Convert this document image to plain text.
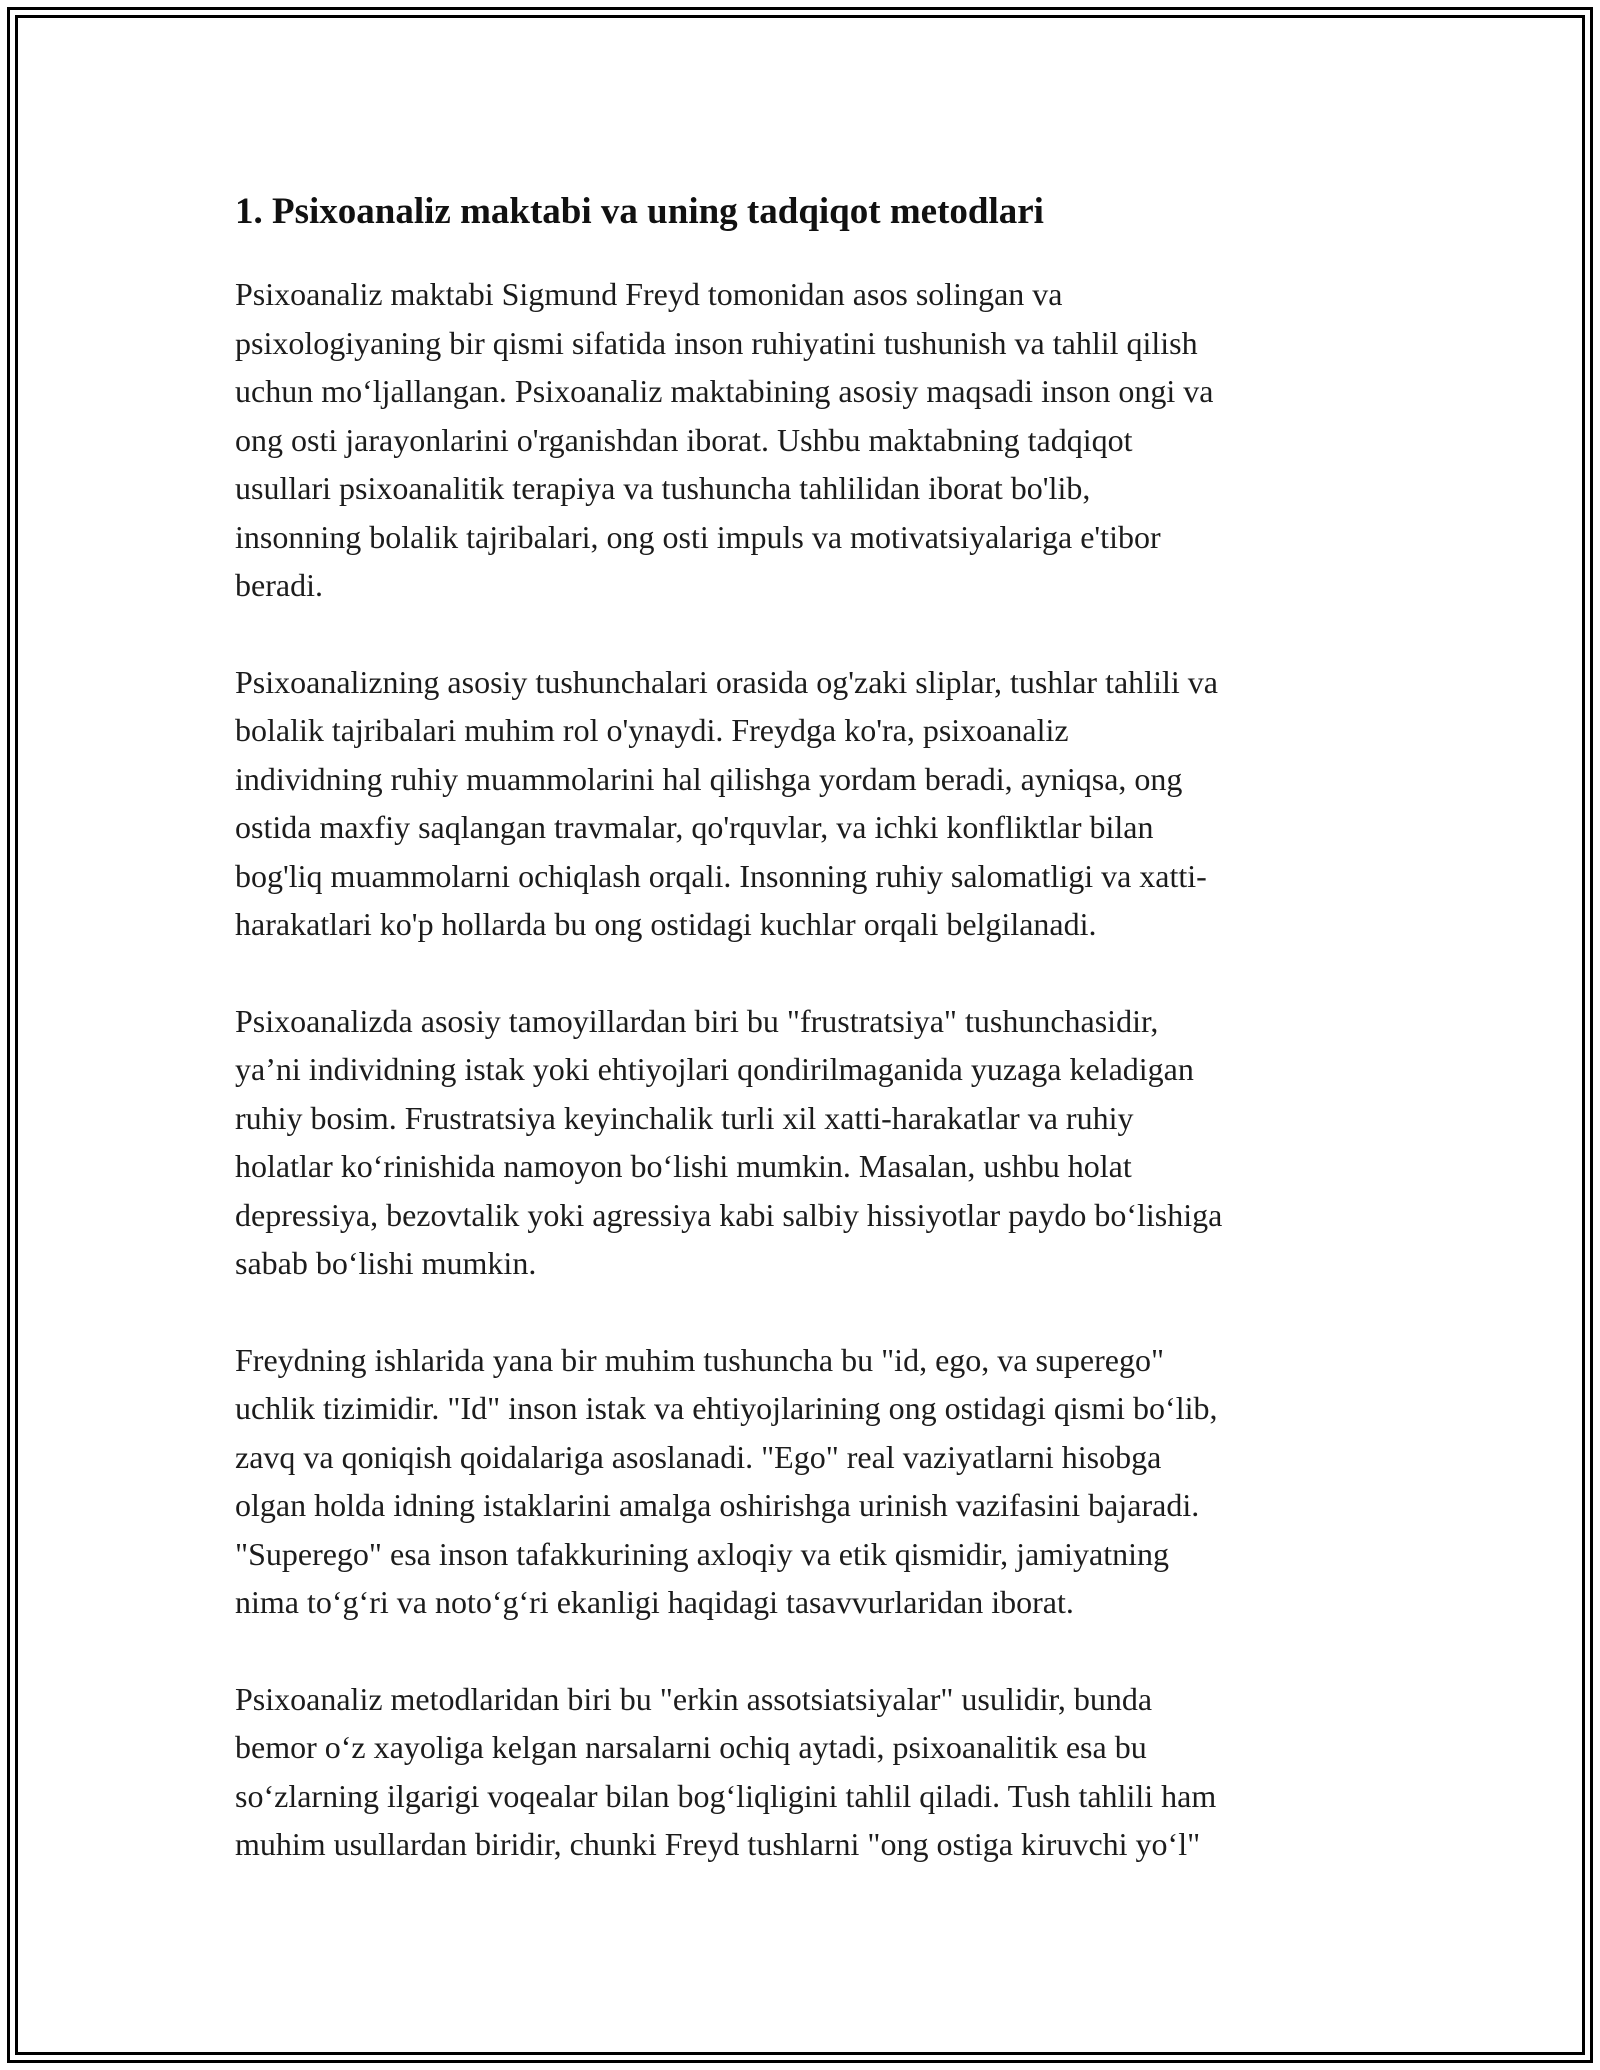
1. Psixoanaliz maktabi va uning tadqiqot metodlari

Psixoanaliz maktabi Sigmund Freyd tomonidan asos solingan va
psixologiyaning bir qismi sifatida inson ruhiyatini tushunish va tahlil qilish
uchun moʻljallangan. Psixoanaliz maktabining asosiy maqsadi inson ongi va
ong osti jarayonlarini o'rganishdan iborat. Ushbu maktabning tadqiqot
usullari psixoanalitik terapiya va tushuncha tahlilidan iborat bo'lib,
insonning bolalik tajribalari, ong osti impuls va motivatsiyalariga e'tibor
beradi.

Psixoanalizning asosiy tushunchalari orasida og'zaki sliplar, tushlar tahlili va
bolalik tajribalari muhim rol o'ynaydi. Freydga ko'ra, psixoanaliz
individning ruhiy muammolarini hal qilishga yordam beradi, ayniqsa, ong
ostida maxfiy saqlangan travmalar, qo'rquvlar, va ichki konfliktlar bilan
bog'liq muammolarni ochiqlash orqali. Insonning ruhiy salomatligi va xatti-
harakatlari ko'p hollarda bu ong ostidagi kuchlar orqali belgilanadi.

Psixoanalizda asosiy tamoyillardan biri bu "frustratsiya" tushunchasidir,
ya’ni individning istak yoki ehtiyojlari qondirilmaganida yuzaga keladigan
ruhiy bosim. Frustratsiya keyinchalik turli xil xatti-harakatlar va ruhiy
holatlar koʻrinishida namoyon boʻlishi mumkin. Masalan, ushbu holat
depressiya, bezovtalik yoki agressiya kabi salbiy hissiyotlar paydo boʻlishiga
sabab boʻlishi mumkin.

Freydning ishlarida yana bir muhim tushuncha bu "id, ego, va superego"
uchlik tizimidir. "Id" inson istak va ehtiyojlarining ong ostidagi qismi boʻlib,
zavq va qoniqish qoidalariga asoslanadi. "Ego" real vaziyatlarni hisobga
olgan holda idning istaklarini amalga oshirishga urinish vazifasini bajaradi.
"Superego" esa inson tafakkurining axloqiy va etik qismidir, jamiyatning
nima toʻgʻri va notoʻgʻri ekanligi haqidagi tasavvurlaridan iborat.

Psixoanaliz metodlaridan biri bu "erkin assotsiatsiyalar" usulidir, bunda
bemor oʻz xayoliga kelgan narsalarni ochiq aytadi, psixoanalitik esa bu
soʻzlarning ilgarigi voqealar bilan bogʻliqligini tahlil qiladi. Tush tahlili ham
muhim usullardan biridir, chunki Freyd tushlarni "ong ostiga kiruvchi yoʻl"
